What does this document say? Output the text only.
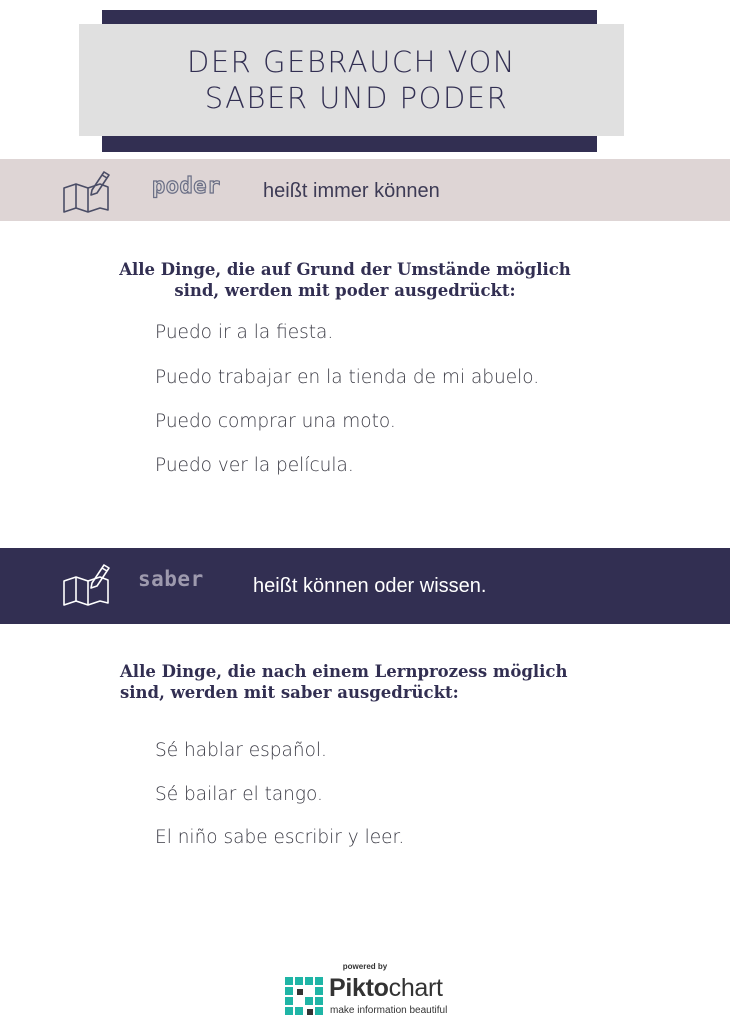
DER GEBRAUCH VON
SABER UND PODER
poder heißt immer können
Alle Dinge, die auf Grund der Umstände möglich
sind, werden mit poder ausgedrückt:
Puedo ir a la fiesta.
Puedo trabajar en la tienda de mi abuelo.
Puedo comprar una moto.
Puedo ver la película.
saber heißt können oder wissen.
Alle Dinge, die nach einem Lernprozess möglich
sind, werden mit saber ausgedrückt:
Sé hablar español.
Sé bailar el tango.
El niño sabe escribir y leer.
powered by
Piktochart
make information beautiful
